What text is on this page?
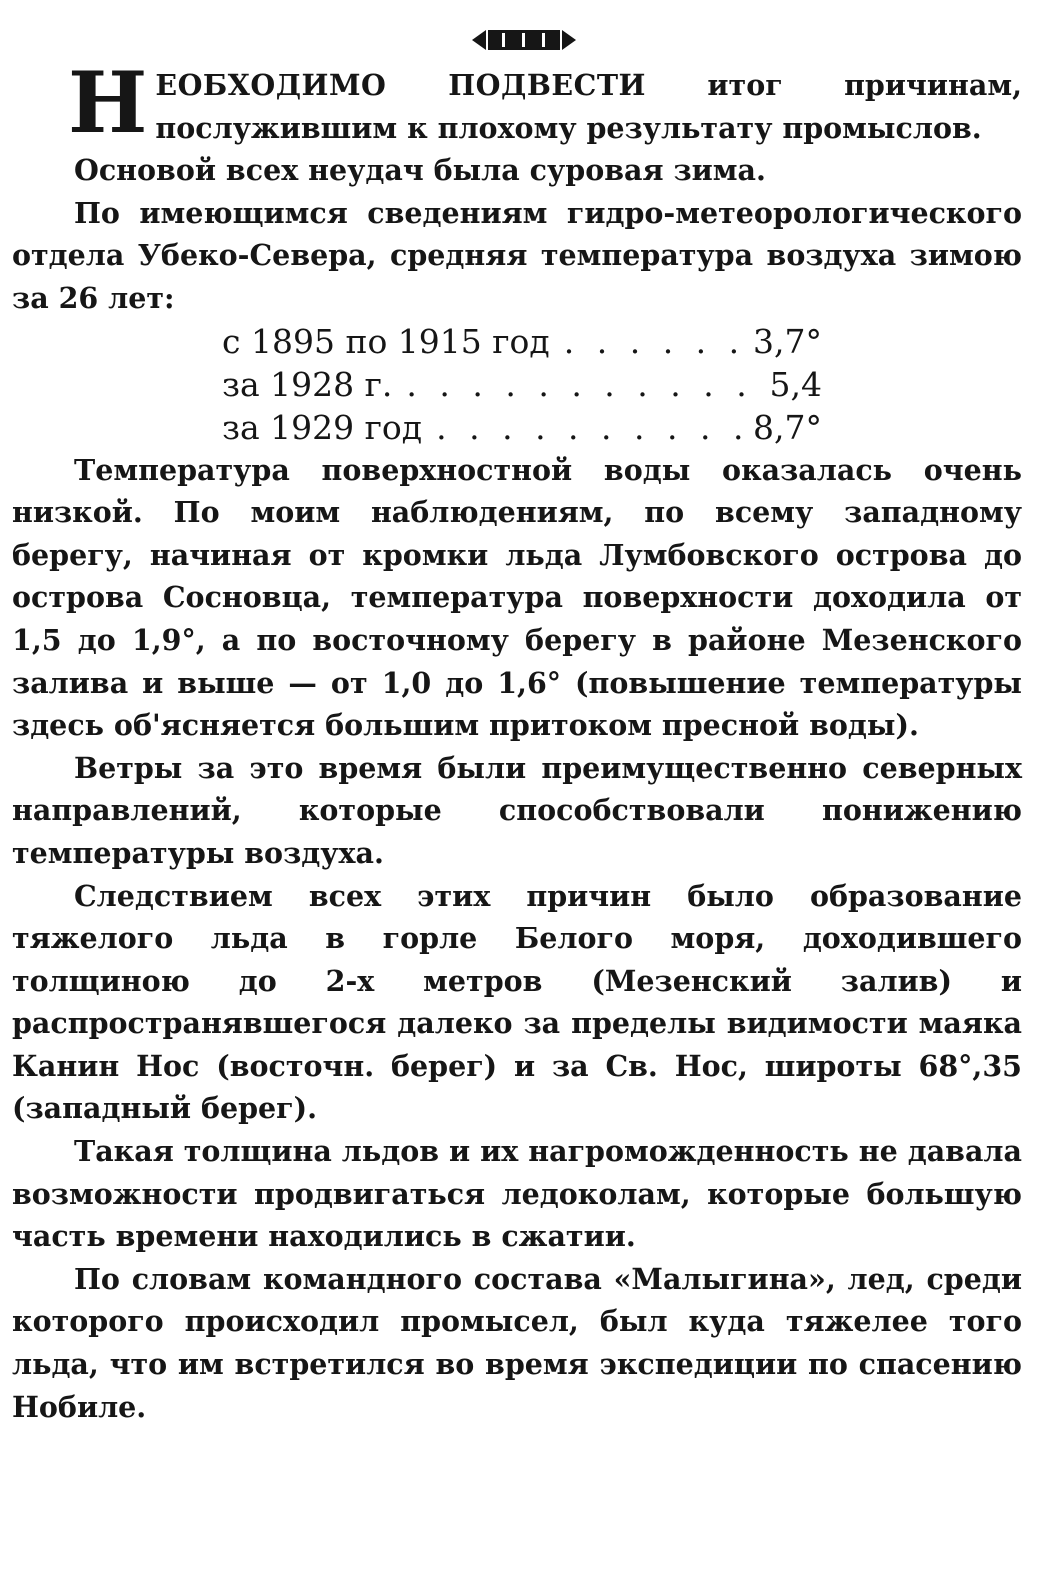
НЕОБХОДИМО ПОДВЕСТИ итог причинам, послужившим к плохому результату промыслов.

Основой всех неудач была суровая зима.

По имеющимся сведениям гидро-метеорологического отдела Убеко-Севера, средняя температура воздуха зимою за 26 лет:

с 1895 по 1915 год . . .	3,7°
за 1928 г. . . .	5,4
за 1929 год . . .	8,7°

Температура поверхностной воды оказалась очень низкой. По моим наблюдениям, по всему западному берегу, начиная от кромки льда Лумбовского острова до острова Сосновца, температура поверхности доходила от 1,5 до 1,9°, а по восточному берегу в районе Мезенского залива и выше — от 1,0 до 1,6° (повышение температуры здесь об'ясняется большим притоком пресной воды).

Ветры за это время были преимущественно северных направлений, которые способствовали понижению температуры воздуха.

Следствием всех этих причин было образование тяжелого льда в горле Белого моря, доходившего толщиною до 2-х метров (Мезенский залив) и распространявшегося далеко за пределы видимости маяка Канин Нос (восточн. берег) и за Св. Нос, широты 68°,35 (западный берег).

Такая толщина льдов и их нагроможденность не давала возможности продвигаться ледоколам, которые большую часть времени находились в сжатии.

По словам командного состава «Малыгина», лед, среди которого происходил промысел, был куда тяжелее того льда, что им встретился во время экспедиции по спасению Нобиле.
